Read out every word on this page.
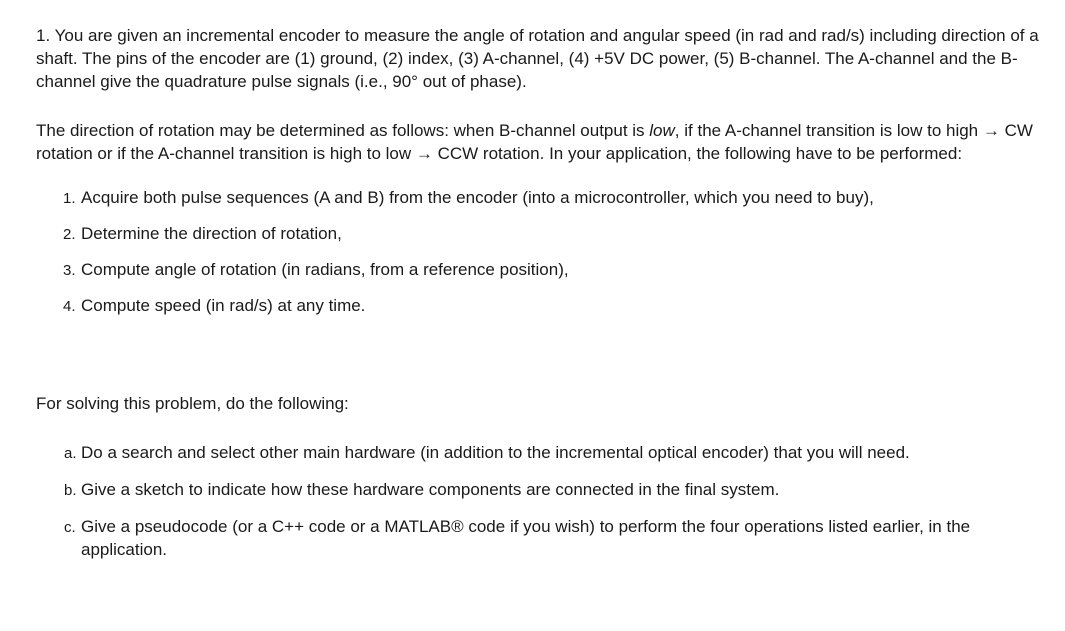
1. You are given an incremental encoder to measure the angle of rotation and angular speed (in rad and rad/s) including direction of a shaft. The pins of the encoder are (1) ground, (2) index, (3) A-channel, (4) +5V DC power, (5) B-channel. The A-channel and the B-channel give the quadrature pulse signals (i.e., 90° out of phase).

The direction of rotation may be determined as follows: when B-channel output is low, if the A-channel transition is low to high → CW rotation or if the A-channel transition is high to low → CCW rotation. In your application, the following have to be performed:

1. Acquire both pulse sequences (A and B) from the encoder (into a microcontroller, which you need to buy),
2. Determine the direction of rotation,
3. Compute angle of rotation (in radians, from a reference position),
4. Compute speed (in rad/s) at any time.

For solving this problem, do the following:

a. Do a search and select other main hardware (in addition to the incremental optical encoder) that you will need.
b. Give a sketch to indicate how these hardware components are connected in the final system.
c. Give a pseudocode (or a C++ code or a MATLAB® code if you wish) to perform the four operations listed earlier, in the application.
